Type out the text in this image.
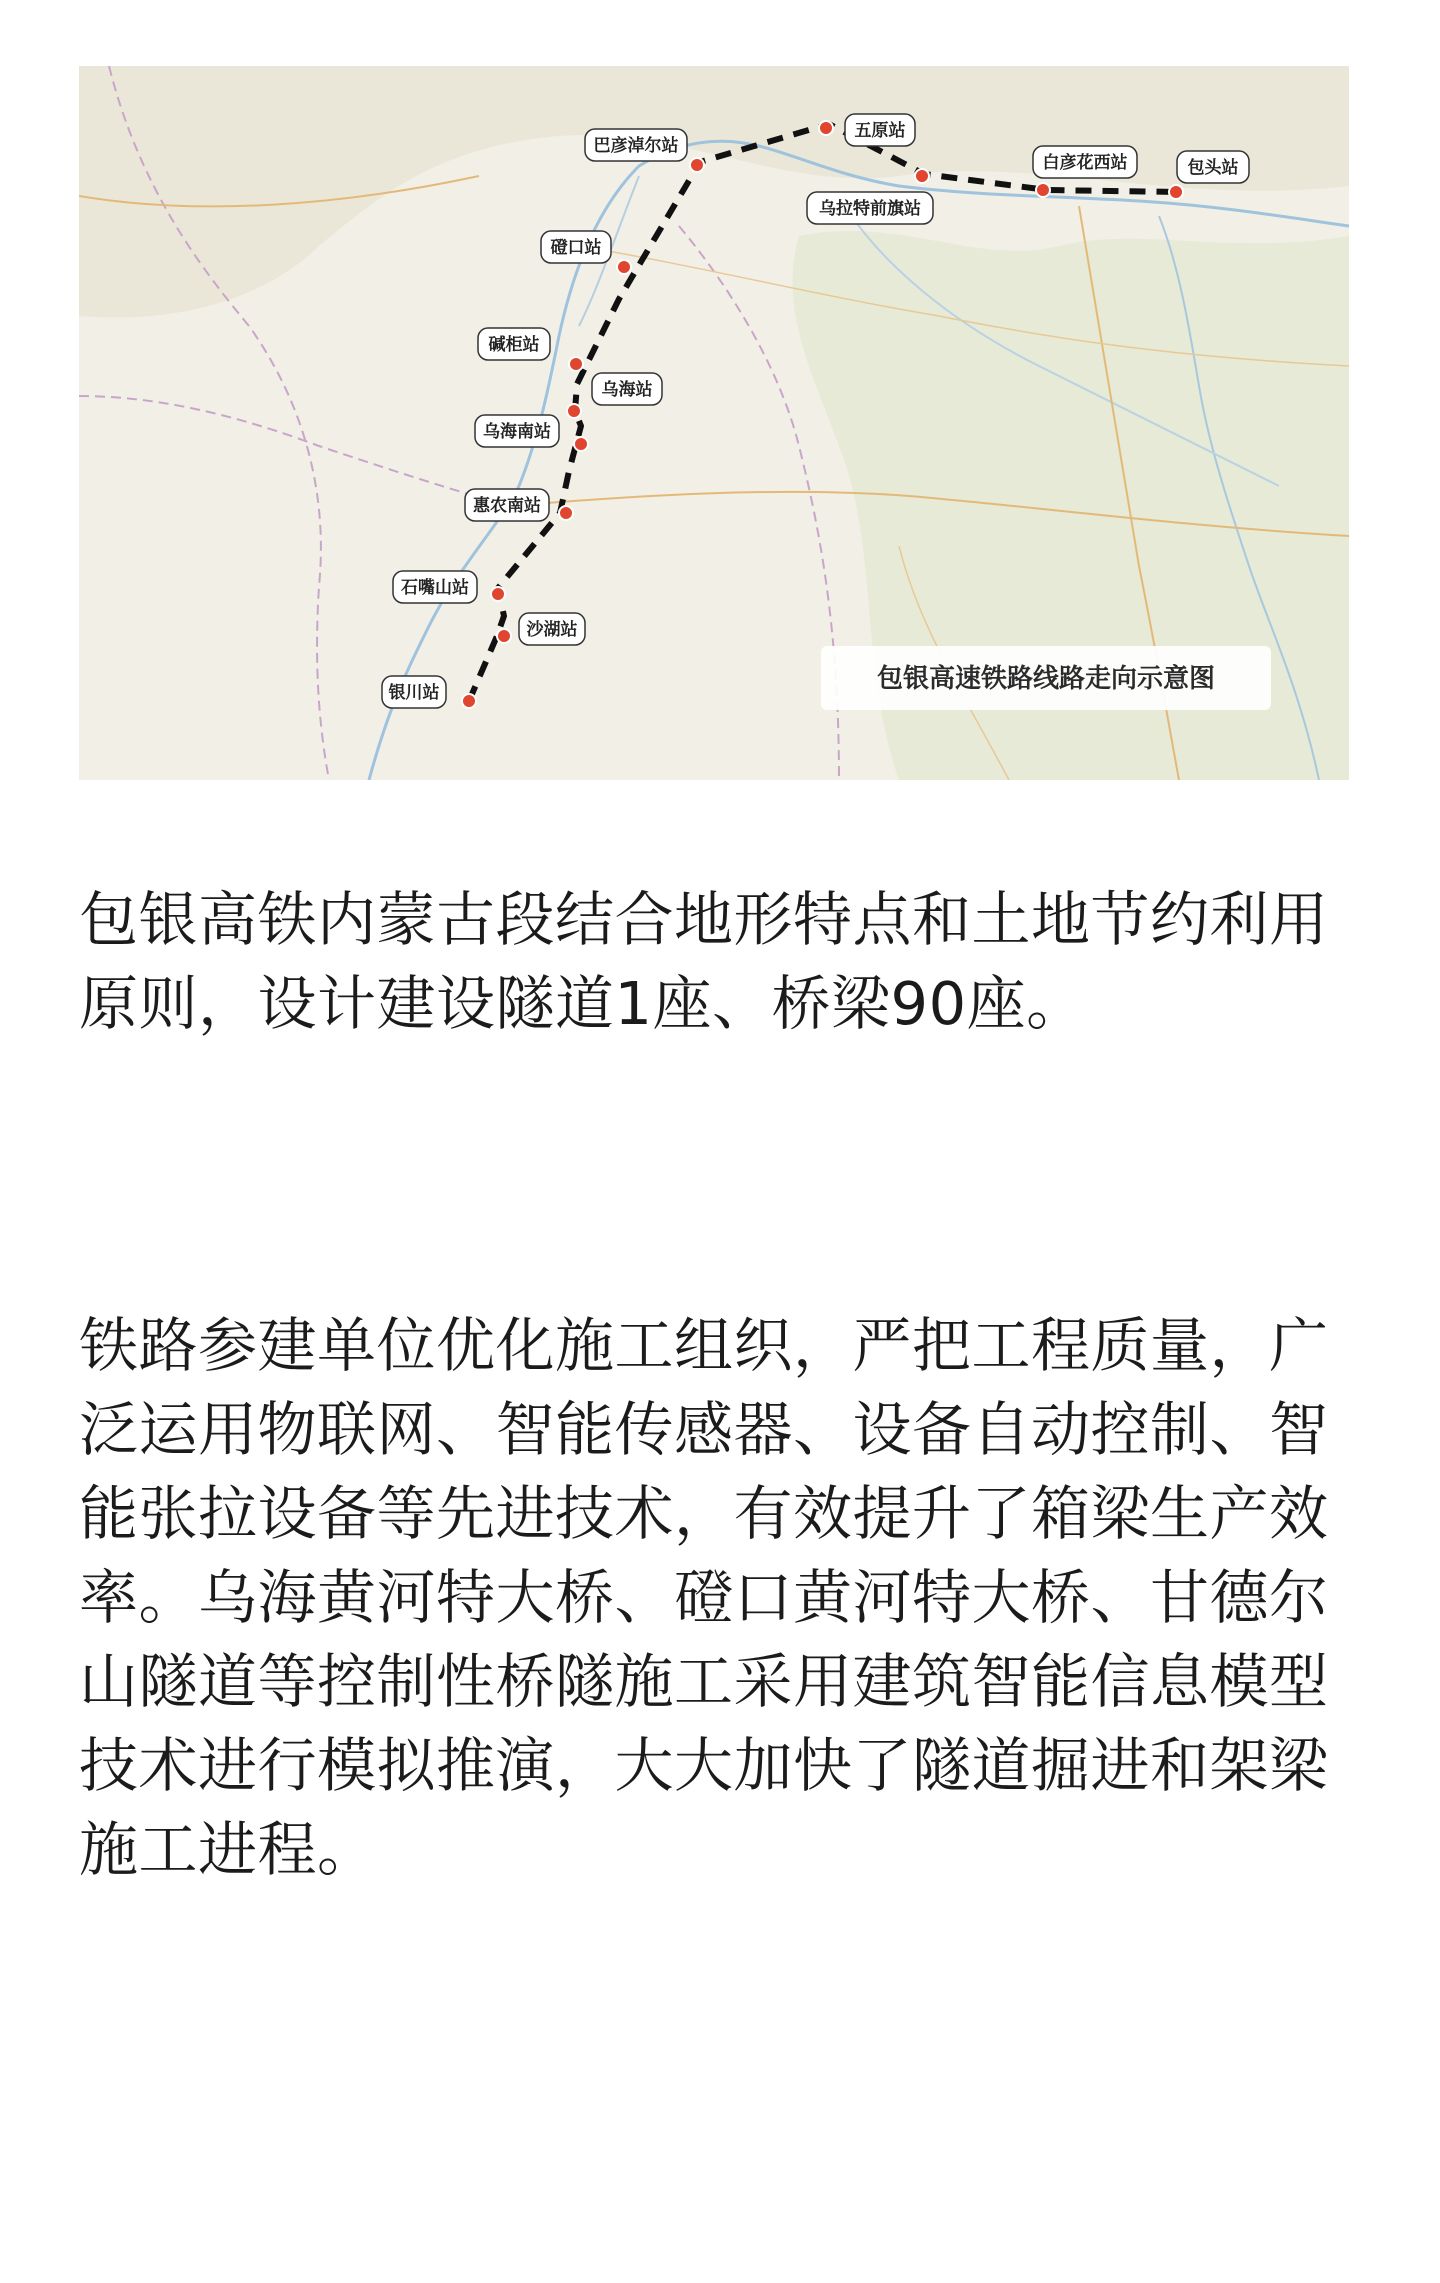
银川站
沙湖站
石嘴山站
惠农南站
乌海南站
乌海站
碱柜站
磴口站
巴彦淖尔站
五原站
乌拉特前旗站
白彦花西站	包头站
包银高速铁路线路走向示意图

包银高铁内蒙古段结合地形特点和土地节约利用原则，设计建设隧道1座、桥梁90座。

铁路参建单位优化施工组织，严把工程质量，广泛运用物联网、智能传感器、设备自动控制、智能张拉设备等先进技术，有效提升了箱梁生产效率。乌海黄河特大桥、磴口黄河特大桥、甘德尔山隧道等控制性桥隧施工采用建筑智能信息模型技术进行模拟推演，大大加快了隧道掘进和架梁施工进程。
